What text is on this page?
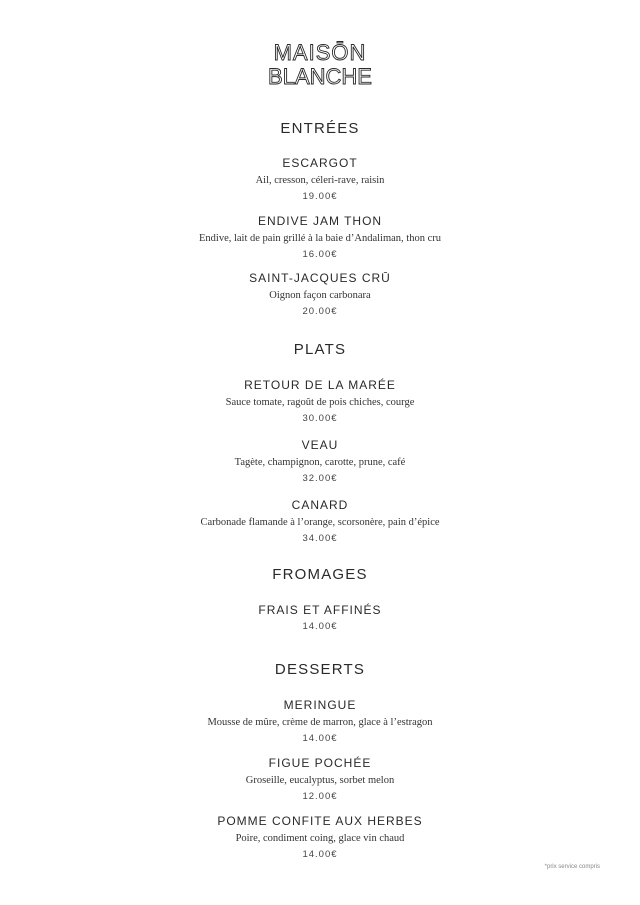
MAISŌN
BLANCHE
ENTRÉES
ESCARGOT
Ail, cresson, céleri-rave, raisin
19.00€
ENDIVE JAM THON
Endive, lait de pain grillé à la baie d’Andaliman, thon cru
16.00€
SAINT-JACQUES CRŪ
Oignon façon carbonara
20.00€
PLATS
RETOUR DE LA MARÉE
Sauce tomate, ragoût de pois chiches, courge
30.00€
VEAU
Tagète, champignon, carotte, prune, café
32.00€
CANARD
Carbonade flamande à l’orange, scorsonère, pain d’épice
34.00€
FROMAGES
FRAIS ET AFFINÉS
14.00€
DESSERTS
MERINGUE
Mousse de mûre, crème de marron, glace à l’estragon
14.00€
FIGUE POCHÉE
Groseille, eucalyptus, sorbet melon
12.00€
POMME CONFITE AUX HERBES
Poire, condiment coing, glace vin chaud
14.00€
*prix service compris
